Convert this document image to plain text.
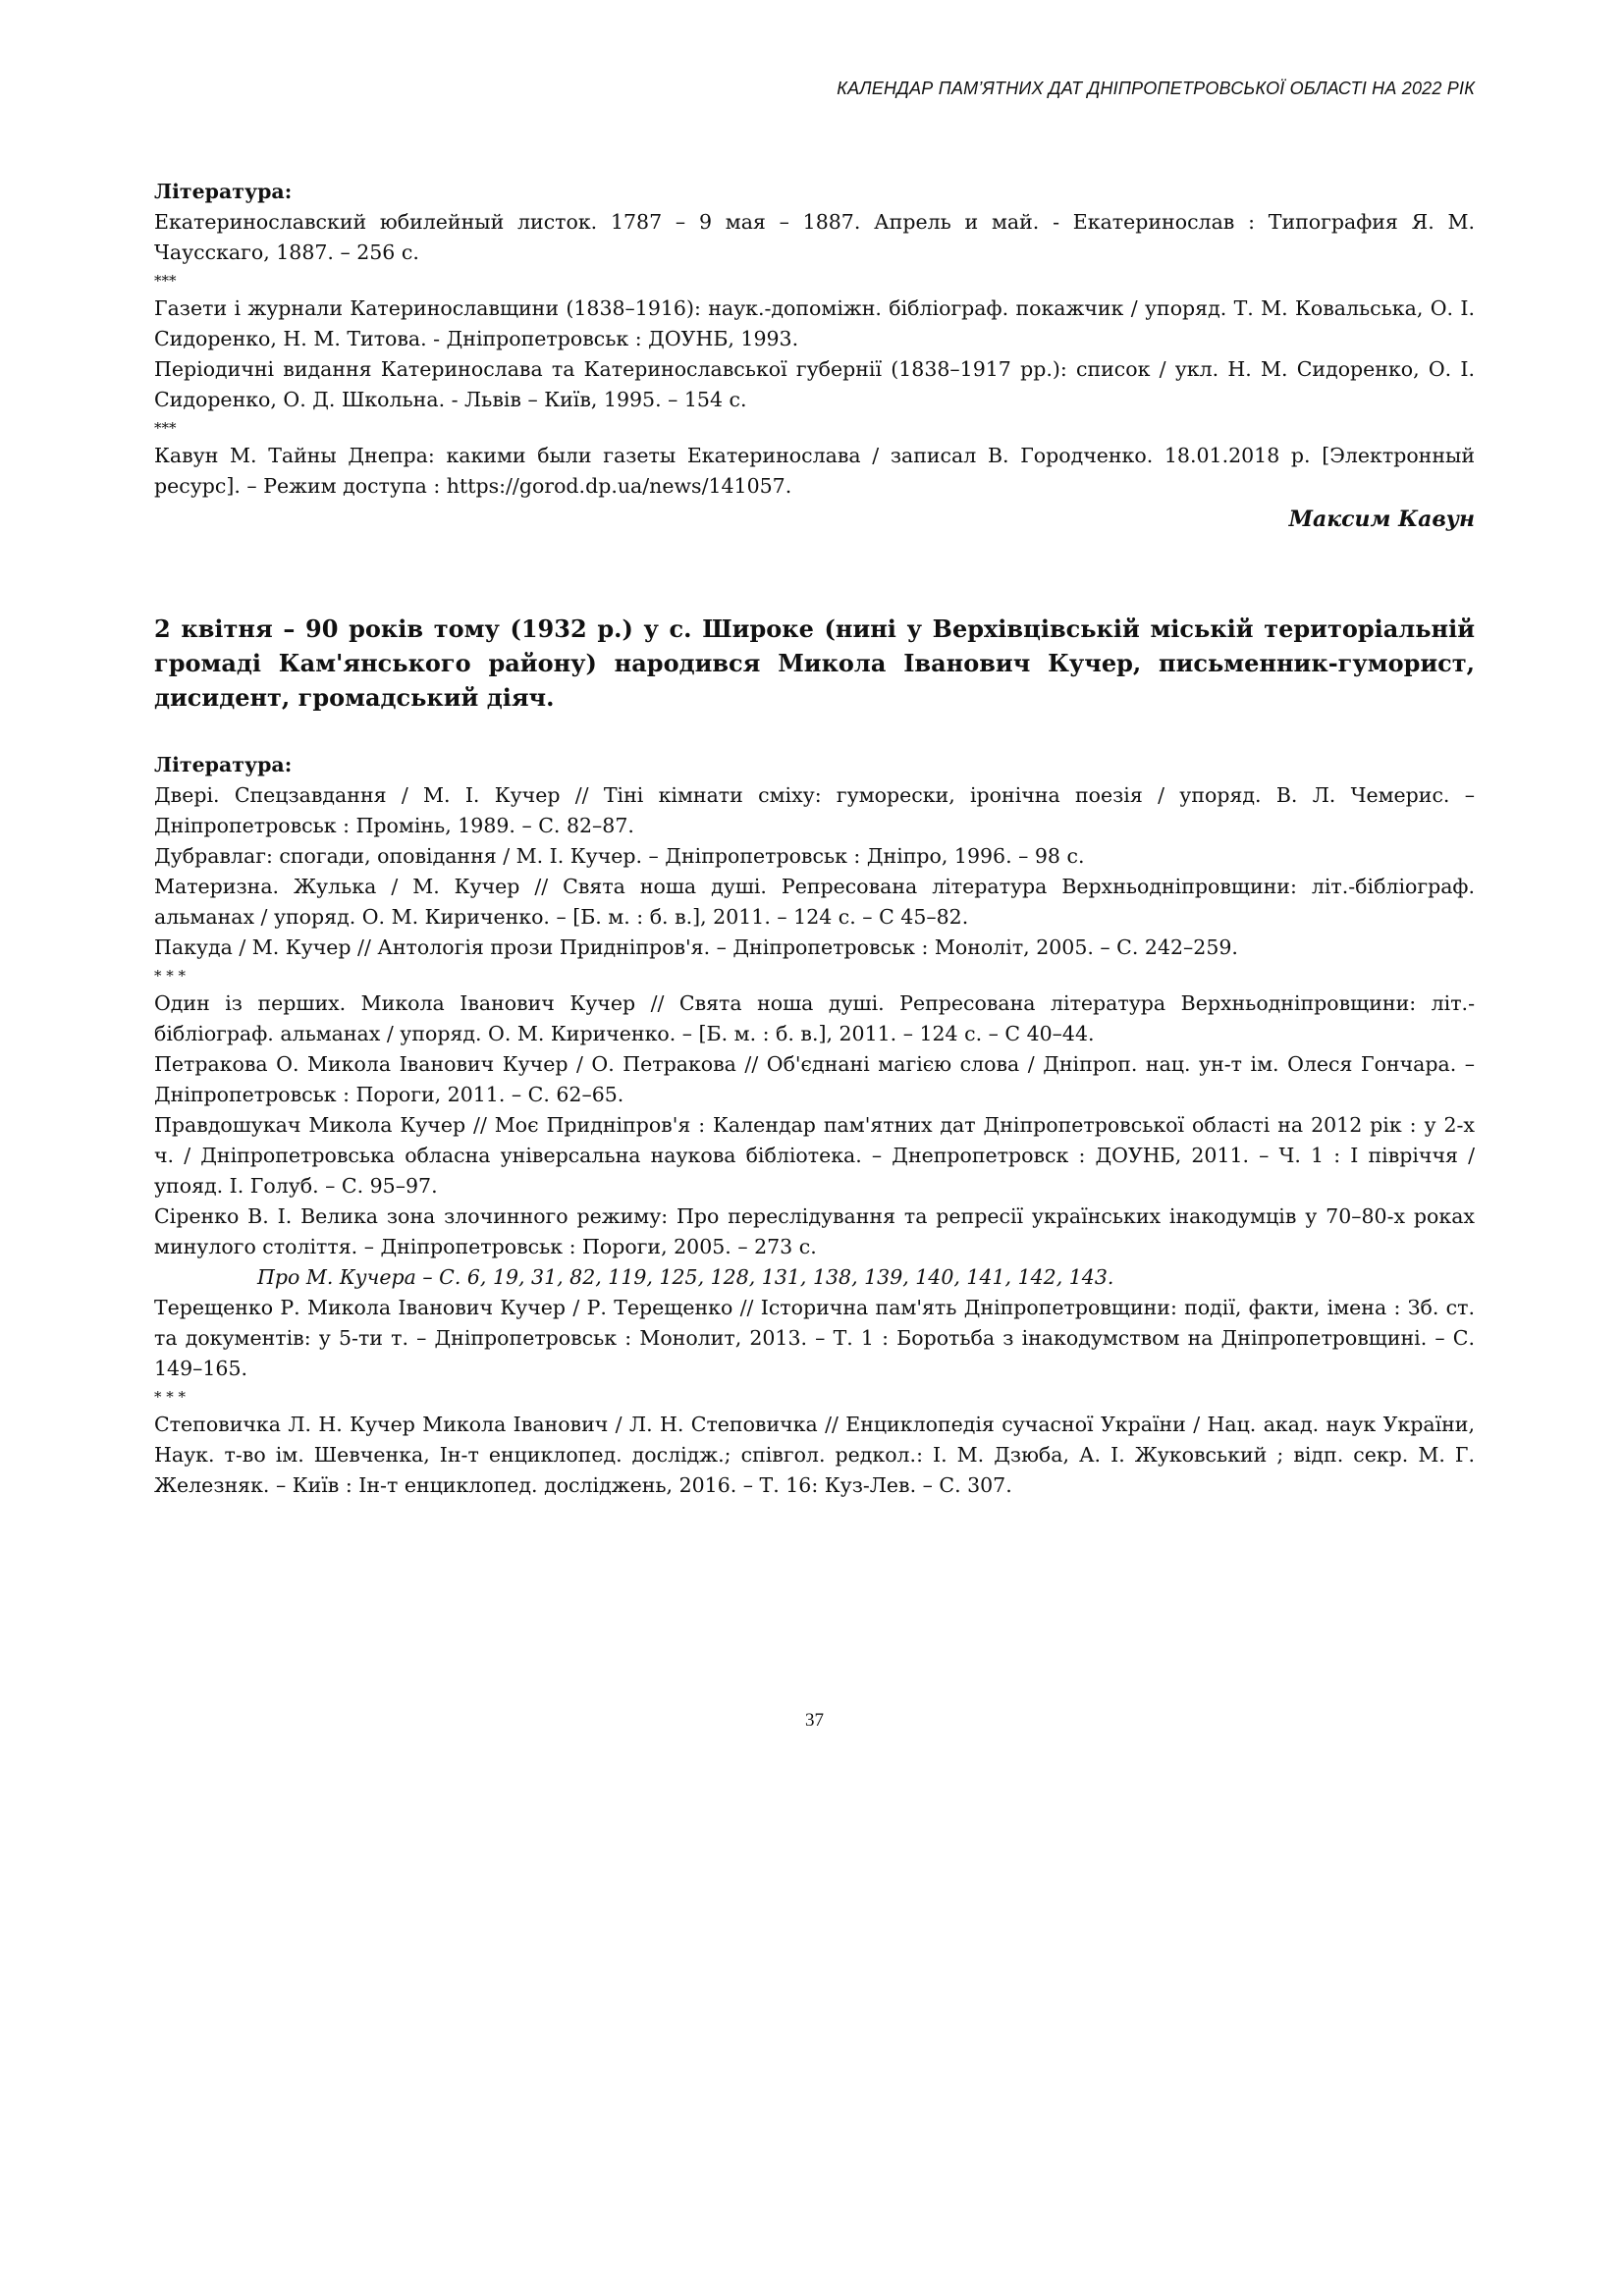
КАЛЕНДАР ПАМ’ЯТНИХ ДАТ ДНІПРОПЕТРОВСЬКОЇ ОБЛАСТІ НА 2022 РІК

Література:

Екатеринославский юбилейный листок. 1787 – 9 мая – 1887. Апрель и май. - Екатеринослав : Типография Я. М. Чаусскаго, 1887. – 256 с.

***

Газети і журнали Катеринославщини (1838–1916): наук.-допоміжн. бібліограф. покажчик / упоряд. Т. М. Ковальська, О. І. Сидоренко, Н. М. Титова. - Дніпропетровськ : ДОУНБ, 1993.

Періодичні видання Катеринослава та Катеринославської губернії (1838–1917 рр.): список / укл. Н. М. Сидоренко, О. І. Сидоренко, О. Д. Школьна. - Львів – Київ, 1995. – 154 с.

***

Кавун М. Тайны Днепра: какими были газеты Екатеринослава / записал В. Городченко. 18.01.2018 р. [Электронный ресурс]. – Режим доступа : https://gorod.dp.ua/news/141057.

Максим Кавун

2 квітня – 90 років тому (1932 р.) у с. Широке (нині у Верхівцівській міській територіальній громаді Кам'янського району) народився Микола Іванович Кучер, письменник-гуморист, дисидент, громадський діяч.

Література:

Двері. Спецзавдання / М. І. Кучер // Тіні кімнати сміху: гуморески, іронічна поезія / упоряд. В. Л. Чемерис. – Дніпропетровськ : Промінь, 1989. – С. 82–87.

Дубравлаг: спогади, оповідання / М. І. Кучер. – Дніпропетровськ : Дніпро, 1996. – 98 с.

Материзна. Жулька / М. Кучер // Свята ноша душі. Репресована література Верхньодніпровщини: літ.-бібліограф. альманах / упоряд. О. М. Кириченко. – [Б. м. : б. в.], 2011. – 124 с. – С 45–82.

Пакуда / М. Кучер // Антологія прози Придніпров'я. – Дніпропетровськ : Моноліт, 2005. – С. 242–259.

* * *

Один із перших. Микола Іванович Кучер // Свята ноша душі. Репресована література Верхньодніпровщини: літ.-бібліограф. альманах / упоряд. О. М. Кириченко. – [Б. м. : б. в.], 2011. – 124 с. – С 40–44.

Петракова О. Микола Іванович Кучер / О. Петракова // Об'єднані магією слова / Дніпроп. нац. ун-т ім. Олеся Гончара. – Дніпропетровськ : Пороги, 2011. – С. 62–65.

Правдошукач Микола Кучер // Моє Придніпров'я : Календар пам'ятних дат Дніпропетровської області на 2012 рік : у 2-х ч. / Дніпропетровська обласна універсальна наукова бібліотека. – Днепропетровск : ДОУНБ, 2011. – Ч. 1 : І півріччя / упояд. І. Голуб. – С. 95–97.

Сіренко В. І. Велика зона злочинного режиму: Про переслідування та репресії українських інакодумців у 70–80-х роках минулого століття. – Дніпропетровськ : Пороги, 2005. – 273 с.

Про М. Кучера – С. 6, 19, 31, 82, 119, 125, 128, 131, 138, 139, 140, 141, 142, 143.

Терещенко Р. Микола Іванович Кучер / Р. Терещенко // Історична пам'ять Дніпропетровщини: події, факти, імена : Зб. ст. та документів: у 5-ти т. – Дніпропетровськ : Монолит, 2013. – Т. 1 : Боротьба з інакодумством на Дніпропетровщині. – С. 149–165.

* * *

Степовичка Л. Н. Кучер Микола Іванович / Л. Н. Степовичка // Енциклопедія сучасної України / Нац. акад. наук України, Наук. т-во ім. Шевченка, Ін-т енциклопед. дослідж.; співгол. редкол.: І. М. Дзюба, А. І. Жуковський ; відп. секр. М. Г. Железняк. – Київ : Ін-т енциклопед. досліджень, 2016. – Т. 16: Куз-Лев. – С. 307.

37
